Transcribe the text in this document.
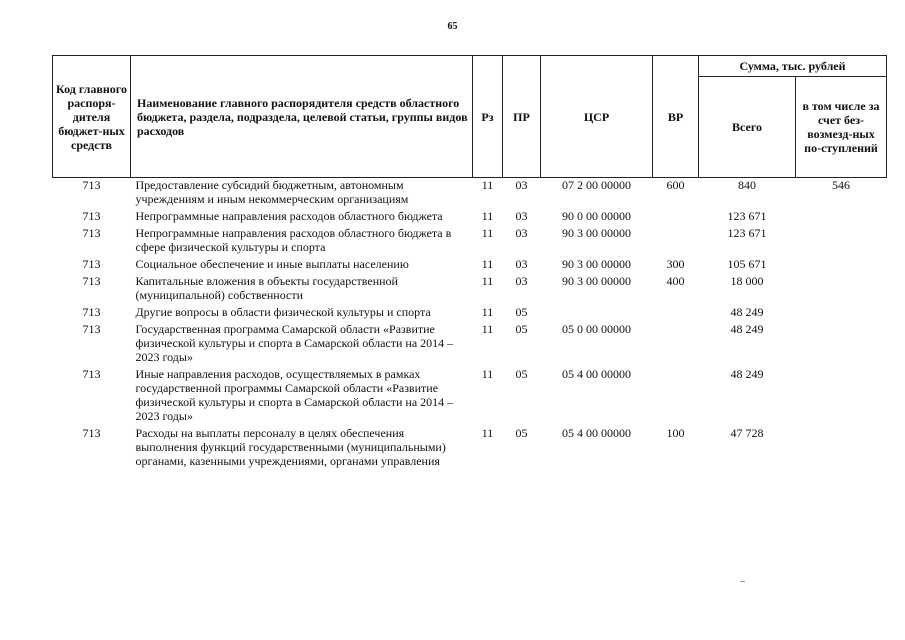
65
Код главного распоря-дителя бюджет-ных средств	Наименование главного распорядителя средств областного бюджета, раздела, подраздела, целевой статьи, группы видов расходов	Рз	ПР	ЦСР	ВР	Сумма, тыс. рублей	
						Всего	в том числе за счет без-возмезд-ных по-ступлений
713	Предоставление субсидий бюджетным, автономным учреждениям и иным некоммерческим организациям	11	03	07 2 00 00000	600	840	546
713	Непрограммные направления расходов областного бюджета	11	03	90 0 00 00000		123 671	
713	Непрограммные направления расходов областного бюджета в сфере физической культуры и спорта	11	03	90 3 00 00000		123 671	
713	Социальное обеспечение и иные выплаты населению	11	03	90 3 00 00000	300	105 671	
713	Капитальные вложения в объекты государственной (муниципальной) собственности	11	03	90 3 00 00000	400	18 000	
713	Другие вопросы в области физической культуры и спорта	11	05			48 249	
713	Государственная программа Самарской области «Развитие физической культуры и спорта в Самарской области на 2014 – 2023 годы»	11	05	05 0 00 00000		48 249	
713	Иные направления расходов, осуществляемых в рамках государственной программы Самарской области «Развитие физической культуры и спорта в Самарской области на 2014 – 2023 годы»	11	05	05 4 00 00000		48 249	
713	Расходы на выплаты персоналу в целях обеспечения выполнения функций государственными (муниципальными) органами, казенными учреждениями, органами управления	11	05	05 4 00 00000	100	47 728	
